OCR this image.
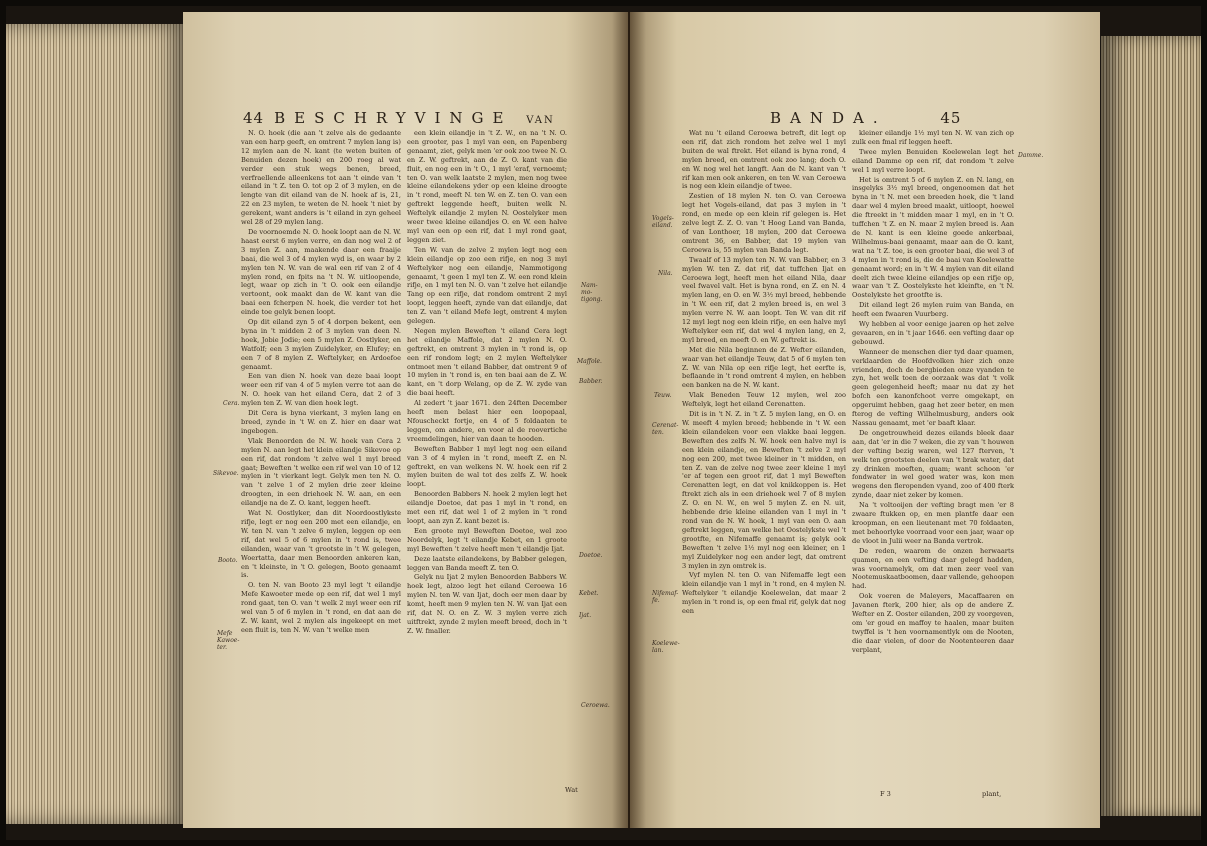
44 BESCHRYVINGE VAN

N. O. hoek (die aan 't zelve als de gedaante van een harp geeft, en omtrent 7 mylen lang is) 12 mylen aan de N. kant (te weten buiten of Benuiden dezen hoek) en 200 roeg al wat verder een stuk wegs benen, breed, verfraellende alleenkens tot aan 't einde van 't eiland in 't Z. ten O. tot op 2 of 3 mylen, en de lengte van dit eiland van de N. hoek af is, 21, 22 en 23 mylen, te weten de N. hoek 't niet by gerekent, want anders is 't eiland in zyn geheel wel 28 of 29 mylen lang.

De voornoemde N. O. hoek loopt aan de N. W. haast eerst 6 mylen verre, en dan nog wel 2 of 3 mylen Z. aan, maakende daar een fraaije baai, die wel 3 of 4 mylen wyd is, en waar by 2 mylen ten N. W. van de wal een rif van 2 of 4 mylen rond, en fpits na 't N. W. uitloopende, legt, waar op zich in 't O. ook een eilandje vertoont, ook maakt dan de W. kant van die baai een fcherpen N. hoek, die verder tot het einde toe gelyk benen loopt.

Op dit eiland zyn 5 of 4 dorpen bekent, een byna in 't midden 2 of 3 mylen van deen N. hoek, Jobie Jodie; een 5 mylen Z. Oostlyker, en Watfolf; een 3 mylen Zuidelyker, en Elufey; en een 7 of 8 mylen Z. Weftelyker, en Ardoefoe genaamt.

Een van dien N. hoek van deze baai loopt weer een rif van 4 of 5 mylen verre tot aan de N. O. hoek van het eiland Cera, dat 2 of 3 mylen ten Z. W. van dien hoek legt.

Dit Cera is byna vierkant, 3 mylen lang en breed, zynde in 't W. en Z. hier en daar wat ingebogen.

Vlak Benoorden de N. W. hoek van Cera 2 mylen N. aan legt het klein eilandje Sikevoe op een rif, dat rondom 't zelve wel 1 myl breed gaat; Beweften 't welke een rif wel van 10 of 12 mylen in 't vierkant legt. Gelyk men ten N. O. van 't zelve 1 of 2 mylen drie zeer kleine droogten, in een driehoek N. W. aan, en een eilandje na de Z. O. kant, leggen heeft.

Wat N. Oostlyker, dan dit Noordoostlykste rifje, legt er nog een 200 met een eilandje, en W. ten N. van 't zelve 6 mylen, leggen op een rif, dat wel 5 of 6 mylen in 't rond is, twee eilanden, waar van 't grootste in 't W. gelegen, Woertatta, daar men Benoorden ankeren kan, en 't kleinste, in 't O. gelegen, Booto genaamt is.

O. ten N. van Booto 23 myl legt 't eilandje Mefe Kawoeter mede op een rif, dat wel 1 myl rond gaat, ten O. van 't welk 2 myl weer een rif wel van 5 of 6 mylen in 't rond, en dat aan de Z. W. kant, wel 2 mylen als ingekeept en met een fluit is, ten N. W. van 't welke men

een klein eilandje in 't Z. W., en na 't N. O. een grooter, pas 1 myl van een, en Papenberg genaamt, ziet, gelyk men 'er ook zoo twee N. O. en Z. W. geftrekt, aan de Z. O. kant van die fluit, en nog een in 't O., 1 myl 'eraf, vernoemt; ten O. van welk laatste 2 mylen, men nog twee kleine eilandekens yder op een kleine droogte in 't rond, meeft N. ten W. en Z. ten O. van een geftrekt leggende heeft, buiten welk N. Weftelyk eilandje 2 mylen N. Oostelyker men weer twee kleine eilandjes O. en W. een halve myl van een op een rif, dat 1 myl rond gaat, leggen ziet.

Ten W. van de zelve 2 mylen legt nog een klein eilandje op zoo een rifje, en nog 3 myl Weftelyker nog een eilandje, Nammotigong genaamt, 't geen 1 myl ten Z. W. een rond klein rifje, en 1 myl ten N. O. van 't zelve het eilandje Tang op een rifje, dat rondom omtrent 2 myl loopt, leggen heeft, zynde van dat eilandje, dat ten Z. van 't eiland Mefe legt, omtrent 4 mylen gelegen.

Negen mylen Beweften 't eiland Cera legt het eilandje Maffole, dat 2 mylen N. O. geftrekt, en omtrent 3 mylen in 't rond is, op een rif rondom legt; en 2 mylen Weftelyker ontmoet men 't eiland Babber, dat omtrent 9 of 10 mylen in 't rond is, en ten baai aan de Z. W. kant, en 't dorp Welang, op de Z. W. zyde van die baai heeft.

Al zedert 't jaar 1671. den 24ften December heeft men belast hier een loopopaal, Nfouscheckt fortje, en 4 of 5 foldaaten te leggen, om andere, en voor al de roovertiche vreemdelingen, hier van daan te hooden.

Beweften Babber 1 myl legt nog een eiland van 3 of 4 mylen in 't rond, meeft Z. en N. geftrekt, en van welkens N. W. hoek een rif 2 mylen buiten de wal tot des zelfs Z. W. hoek loopt.

Benoorden Babbers N. hoek 2 mylen legt het eilandje Doetoe, dat pas 1 myl in 't rond, en met een rif, dat wel 1 of 2 mylen in 't rond loopt, aan zyn Z. kant bezet is.

Een groote myl Beweften Doetoe, wel zoo Noordelyk, legt 't eilandje Kebet, en 1 groote myl Beweften 't zelve heeft men 't eilandje Ijat.

Deze laatste eilandekens, by Babber gelegen, leggen van Banda meeft Z. ten O.

Gelyk nu Ijat 2 mylen Benoorden Babbers W. hoek legt, alzoo legt het eiland Ceroewa 16 mylen N. ten W. van Ijat, doch eer men daar by komt, heeft men 9 mylen ten N. W. van Ijat een rif, dat N. O. en Z. W. 3 mylen verre zich uitftrekt, zynde 2 mylen meeft breed, doch in 't Z. W. fmaller.

Cera.
Sikevoe.
Booto.
Mefe
Kawoe-
ter.
Ceroewa.
Nam-
mo-
tigong.
Maffole.
Babber.
Doetoe.
Kebet.
Ijat.
Wat
BANDA.	45

Wat nu 't eiland Ceroewa betreft, dit legt op een rif, dat zich rondom het zelve wel 1 myl buiten de wal ftrekt. Het eiland is byna rond, 4 mylen breed, en omtrent ook zoo lang; doch O. en W. nog wel het langft. Aan de N. kant van 't rif kan men ook ankeren, en ten W. van Ceroewa is nog een klein eilandje of twee.

Zestien of 18 mylen N. ten O. van Ceroewa legt het Vogels-eiland, dat pas 3 mylen in 't rond, en mede op een klein rif gelegen is. Het zelve legt Z. Z. O. van 't Hoog Land van Banda, of van Lonthoer, 18 mylen, 200 dat Ceroewa omtrent 36, en Babber, dat 19 mylen van Ceroewa is, 55 mylen van Banda legt.

Twaalf of 13 mylen ten N. W. van Babber, en 3 mylen W. ten Z. dat rif, dat tuffchen Ijat en Ceroewa legt, heeft men het eiland Nila, daar veel fwavel valt. Het is byna rond, en Z. en N. 4 mylen lang, en O. en W. 3½ myl breed, hebbende in 't W. een rif, dat 2 mylen breed is, en wel 3 mylen verre N. W. aan loopt. Ten W. van dit rif 12 myl legt nog een klein rifje, en een halve myl Weftelyker een rif, dat wel 4 mylen lang, en 2, myl breed, en meeft O. en W. geftrekt is.

Met die Nila beginnen de Z. Wefter eilanden, waar van het eilandje Teuw, dat 5 of 6 mylen ten Z. W. van Nila op een rifje legt, het eerfte is, beflaande in 't rond omtrent 4 mylen, en hebben een banken na de N. W. kant.

Vlak Beneden Teuw 12 mylen, wel zoo Weftelyk, legt het eiland Cerenatten.

Dit is in 't N. Z. in 't Z. 5 mylen lang, en O. en W. meeft 4 mylen breed; hebbende in 't W. een klein eilandeken voor een vlakke baai leggen. Beweften des zelfs N. W. hoek een halve myl is een klein eilandje, en Beweften 't zelve 2 myl nog een 200, met twee kleiner in 't midden, en ten Z. van de zelve nog twee zeer kleine 1 myl 'er af tegen een groot rif, dat 1 myl Beweften Cerenatten legt, en dat vol knikkoppen is. Het ftrekt zich als in een driehoek wel 7 of 8 mylen Z. O. en N. W., en wel 5 mylen Z. en N. uit, hebbende drie kleine eilanden van 1 myl in 't rond van de N. W. hoek, 1 myl van een O. aan geftrekt leggen, van welke het Oostelykste wel 't grootfte, en Nifemaffe genaamt is; gelyk ook Beweften 't zelve 1½ myl nog een kleiner, en 1 myl Zuidelyker nog een ander legt, dat omtrent 3 mylen in zyn omtrek is.

Vyf mylen N. ten O. van Nifemaffe legt een klein eilandje van 1 myl in 't rond, en 4 mylen N. Weftelyker 't eilandje Koelewelan, dat maar 2 mylen in 't rond is, op een fmal rif, gelyk dat nog een

kleiner eilandje 1½ myl ten N. W. van zich op zulk een fmal rif leggen heeft.

Twee mylen Benuiden Koelewelan legt het eiland Damme op een rif, dat rondom 't zelve wel 1 myl verre loopt.

Het is omtrent 5 of 6 mylen Z. en N. lang, en insgelyks 3½ myl breed, ongenoomen dat het byna in 't N. met een breeden hoek, die 't land daar wel 4 mylen breed maakt, uitloopt, hoewel die ftreekt in 't midden maar 1 myl, en in 't O. tuffchen 't Z. en N. maar 2 mylen breed is. Aan de N. kant is een kleine goede ankerbaai, Wilhelmus-baai genaamt, maar aan de O. kant, wat na 't Z. toe, is een grooter baai, die wel 3 of 4 mylen in 't rond is, die de baai van Koelewatte genaamt word; en in 't W. 4 mylen van dit eiland deelt zich twee kleine eilandjes op een rifje op, waar van 't Z. Oostelykste het kleinfte, en 't N. Oostelykste het grootfte is.

Dit eiland legt 26 mylen ruim van Banda, en heeft een fwaaren Vuurberg.

Wy hebben al voor eenige jaaren op het zelve gevaaren, en in 't jaar 1646. een vefting daar op gebouwd.

Wanneer de menschen dier tyd daar quamen, verklaarden de Hoofdvolken hier zich onze vrienden, doch de bergbieden onze vyanden te zyn, het welk toen de oorzaak was dat 't volk geen gelegenheid heeft; maar nu dat zy het bofch een kanonfchoot verre omgekapt, en opgeruimt hebben, gaag het zeer beter, en men fterog de vefting Wilhelmusburg, anders ook Nassau genaamt, met 'er baaft klaar.

De ongetrouwheid dezes eilands bleek daar aan, dat 'er in die 7 weken, die zy van 't houwen der vefting bezig waren, wel 127 fterven, 't welk ten grootsten deelen van 't brak water, dat zy drinken moeften, quam; want schoon 'er fondwater in wel goed water was, kon men wegens den fleropenden vyand, zoo of 400 fterk zynde, daar niet zeker by komen.

Na 't voltooijen der vefting bragt men 'er 8 zwaare ftukken op, en men plantfe daar een kroopman, en een lieutenant met 70 foldaaten, met behoorlyke voorraad voor een jaar, waar op de vloot in Julii weer na Banda vertrok.

De reden, waarom de onzen herwaarts quamen, en een vefting daar gelegd hadden, was voornamelyk, om dat men zeer veel van Nootemuskaatboomen, daar vallende, gehoopen had.

Ook voeren de Maleyers, Macaffaaren en Javanen fterk, 200 hier, als op de andere Z. Wefter en Z. Ooster eilanden, 200 zy voorgeven, om 'er goud en maffoy te haalen, maar buiten twyffel is 't hen voornamentlyk om de Nooten, die daar vielen, of door de Nootenteeren daar verplant,

Vogels-
eiland.
Nila.
Teuw.
Cerenat-
ten.
Nifemaf-
fe.
Koelewe-
lan.
Damme.
F 3	plant,
